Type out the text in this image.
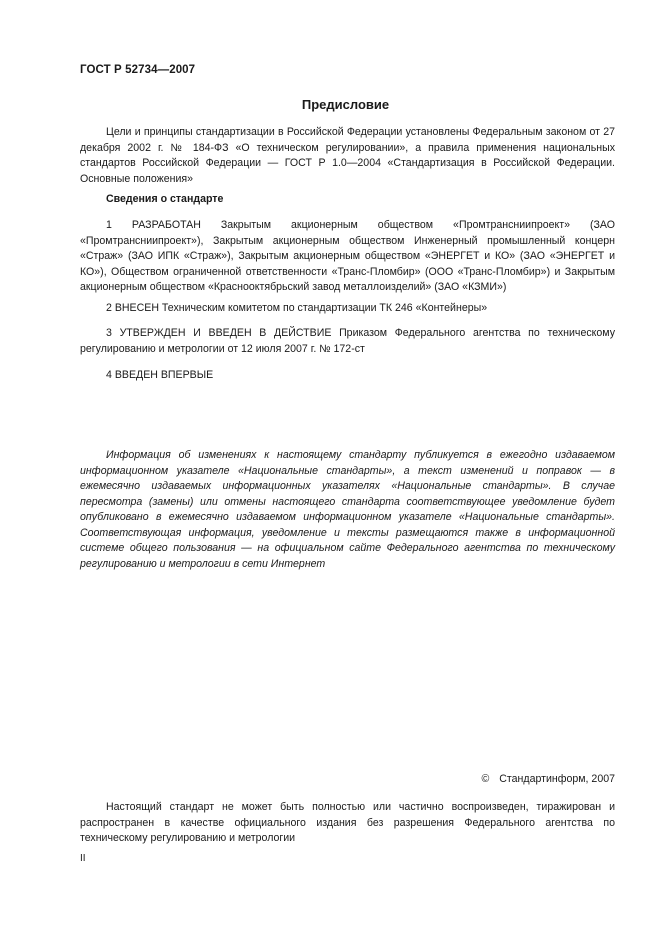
ГОСТ Р 52734—2007
Предисловие

Цели и принципы стандартизации в Российской Федерации установлены Федеральным законом от 27 декабря 2002 г. № 184-ФЗ «О техническом регулировании», а правила применения национальных стандартов Российской Федерации — ГОСТ Р 1.0—2004 «Стандартизация в Российской Федерации. Основные положения»

Сведения о стандарте

1 РАЗРАБОТАН Закрытым акционерным обществом «Промтрансниипроект» (ЗАО «Промтрансниипроект»), Закрытым акционерным обществом Инженерный промышленный концерн «Страж» (ЗАО ИПК «Страж»), Закрытым акционерным обществом «ЭНЕРГЕТ и КО» (ЗАО «ЭНЕРГЕТ и КО»), Обществом ограниченной ответственности «Транс-Пломбир» (ООО «Транс-Пломбир») и Закрытым акционерным обществом «Краснооктябрьский завод металлоизделий» (ЗАО «КЗМИ»)

2 ВНЕСЕН Техническим комитетом по стандартизации ТК 246 «Контейнеры»

3 УТВЕРЖДЕН И ВВЕДЕН В ДЕЙСТВИЕ Приказом Федерального агентства по техническому регулированию и метрологии от 12 июля 2007 г. № 172-ст

4 ВВЕДЕН ВПЕРВЫЕ

Информация об изменениях к настоящему стандарту публикуется в ежегодно издаваемом информационном указателе «Национальные стандарты», а текст изменений и поправок — в ежемесячно издаваемых информационных указателях «Национальные стандарты». В случае пересмотра (замены) или отмены настоящего стандарта соответствующее уведомление будет опубликовано в ежемесячно издаваемом информационном указателе «Национальные стандарты». Соответствующая информация, уведомление и тексты размещаются также в информационной системе общего пользования — на официальном сайте Федерального агентства по техническому регулированию и метрологии в сети Интернет

© Стандартинформ, 2007

Настоящий стандарт не может быть полностью или частично воспроизведен, тиражирован и распространен в качестве официального издания без разрешения Федерального агентства по техническому регулированию и метрологии

II
